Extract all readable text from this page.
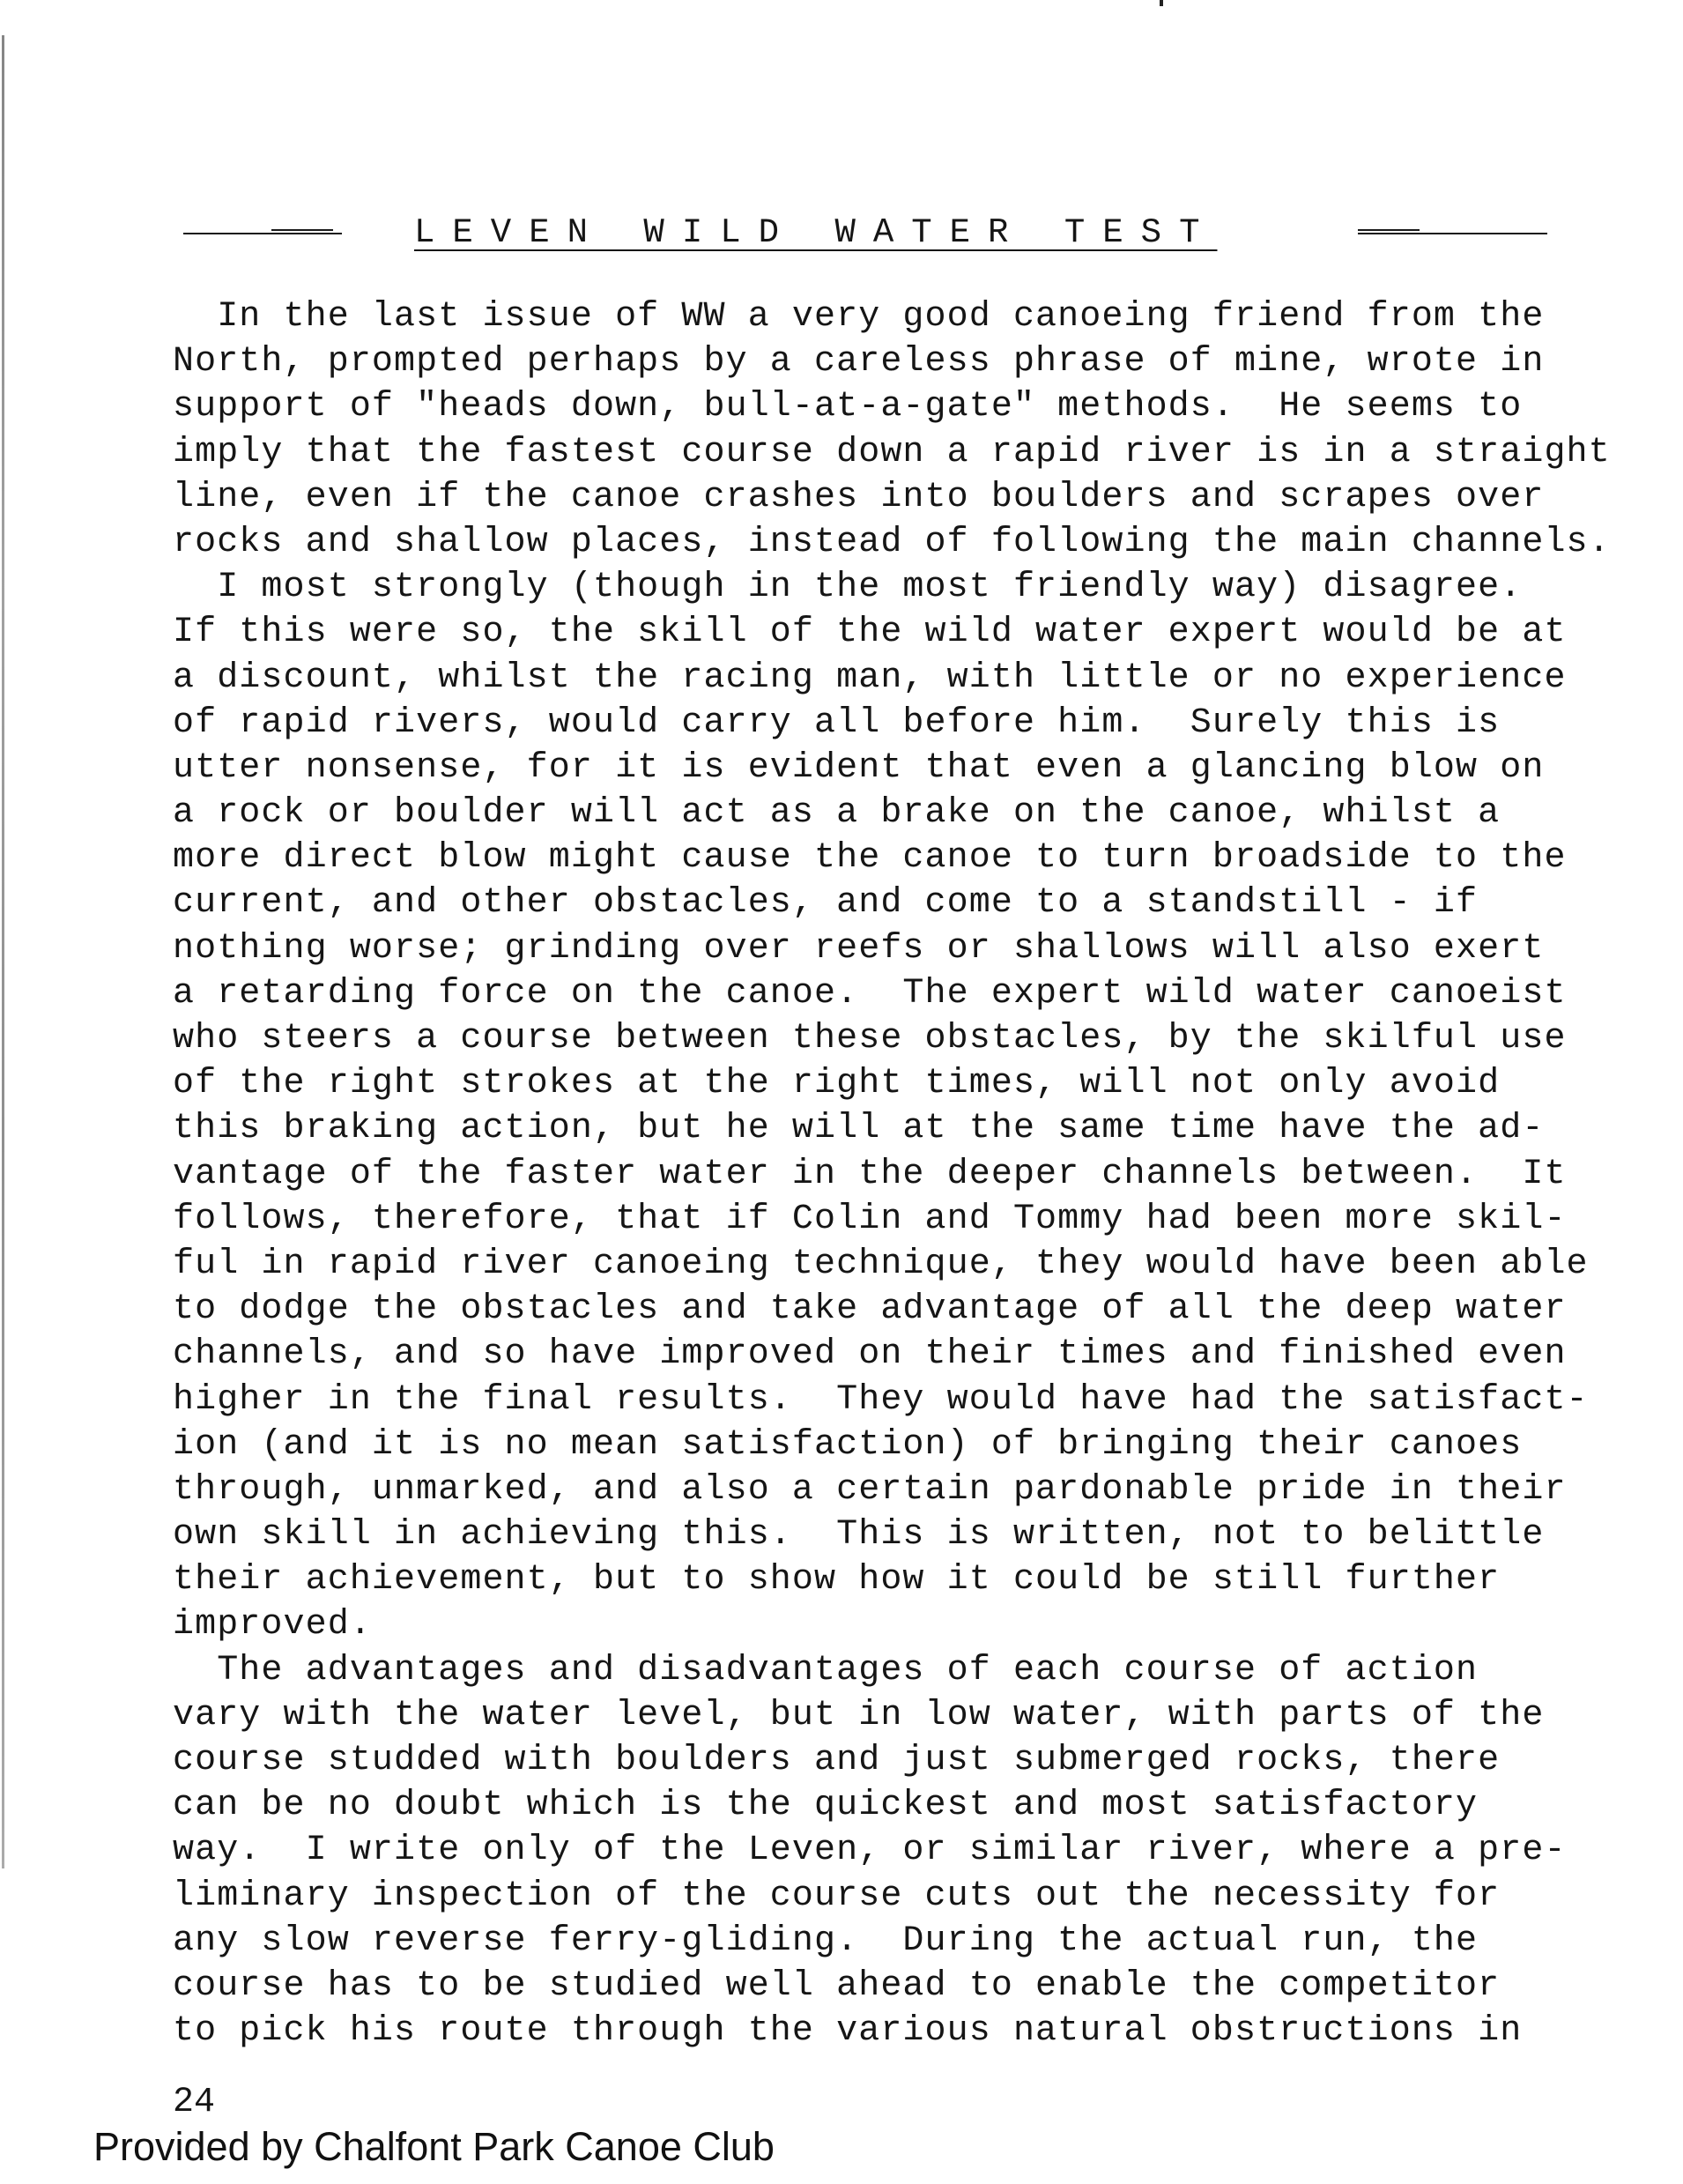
LEVEN WILD WATER TEST
In the last issue of WW a very good canoeing friend from the
North, prompted perhaps by a careless phrase of mine, wrote in
support of "heads down, bull-at-a-gate" methods.  He seems to
imply that the fastest course down a rapid river is in a straight
line, even if the canoe crashes into boulders and scrapes over
rocks and shallow places, instead of following the main channels.
I most strongly (though in the most friendly way) disagree.
If this were so, the skill of the wild water expert would be at
a discount, whilst the racing man, with little or no experience
of rapid rivers, would carry all before him.  Surely this is
utter nonsense, for it is evident that even a glancing blow on
a rock or boulder will act as a brake on the canoe, whilst a
more direct blow might cause the canoe to turn broadside to the
current, and other obstacles, and come to a standstill - if
nothing worse; grinding over reefs or shallows will also exert
a retarding force on the canoe.  The expert wild water canoeist
who steers a course between these obstacles, by the skilful use
of the right strokes at the right times, will not only avoid
this braking action, but he will at the same time have the ad-
vantage of the faster water in the deeper channels between.  It
follows, therefore, that if Colin and Tommy had been more skil-
ful in rapid river canoeing technique, they would have been able
to dodge the obstacles and take advantage of all the deep water
channels, and so have improved on their times and finished even
higher in the final results.  They would have had the satisfact-
ion (and it is no mean satisfaction) of bringing their canoes
through, unmarked, and also a certain pardonable pride in their
own skill in achieving this.  This is written, not to belittle
their achievement, but to show how it could be still further
improved.
The advantages and disadvantages of each course of action
vary with the water level, but in low water, with parts of the
course studded with boulders and just submerged rocks, there
can be no doubt which is the quickest and most satisfactory
way.  I write only of the Leven, or similar river, where a pre-
liminary inspection of the course cuts out the necessity for
any slow reverse ferry-gliding.  During the actual run, the
course has to be studied well ahead to enable the competitor
to pick his route through the various natural obstructions in
24
Provided by Chalfont Park Canoe Club
